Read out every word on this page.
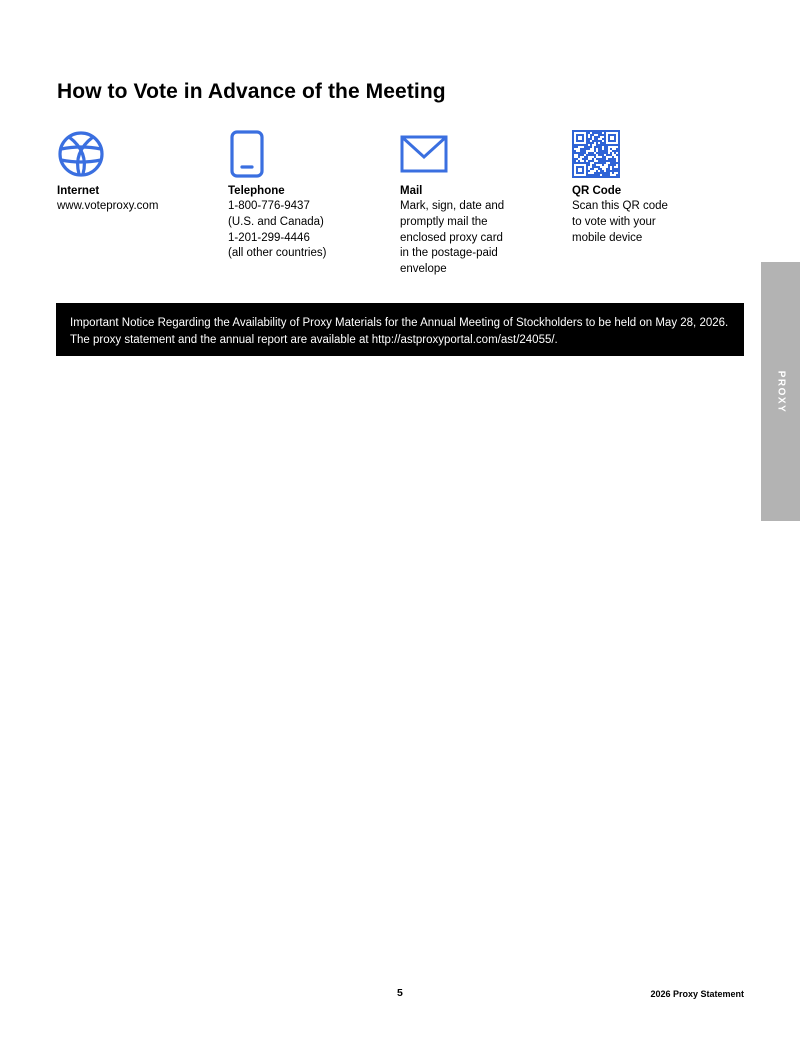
How to Vote in Advance of the Meeting
Internet
www.voteproxy.com
Telephone
1-800-776-9437
(U.S. and Canada)
1-201-299-4446
(all other countries)
Mail
Mark, sign, date and
promptly mail the
enclosed proxy card
in the postage-paid
envelope
QR Code
Scan this QR code
to vote with your
mobile device
Important Notice Regarding the Availability of Proxy Materials for the Annual Meeting of Stockholders to be held on May 28, 2026. The proxy statement and the annual report are available at http://astproxyportal.com/ast/24055/.
PROXY
5	2026 Proxy Statement
